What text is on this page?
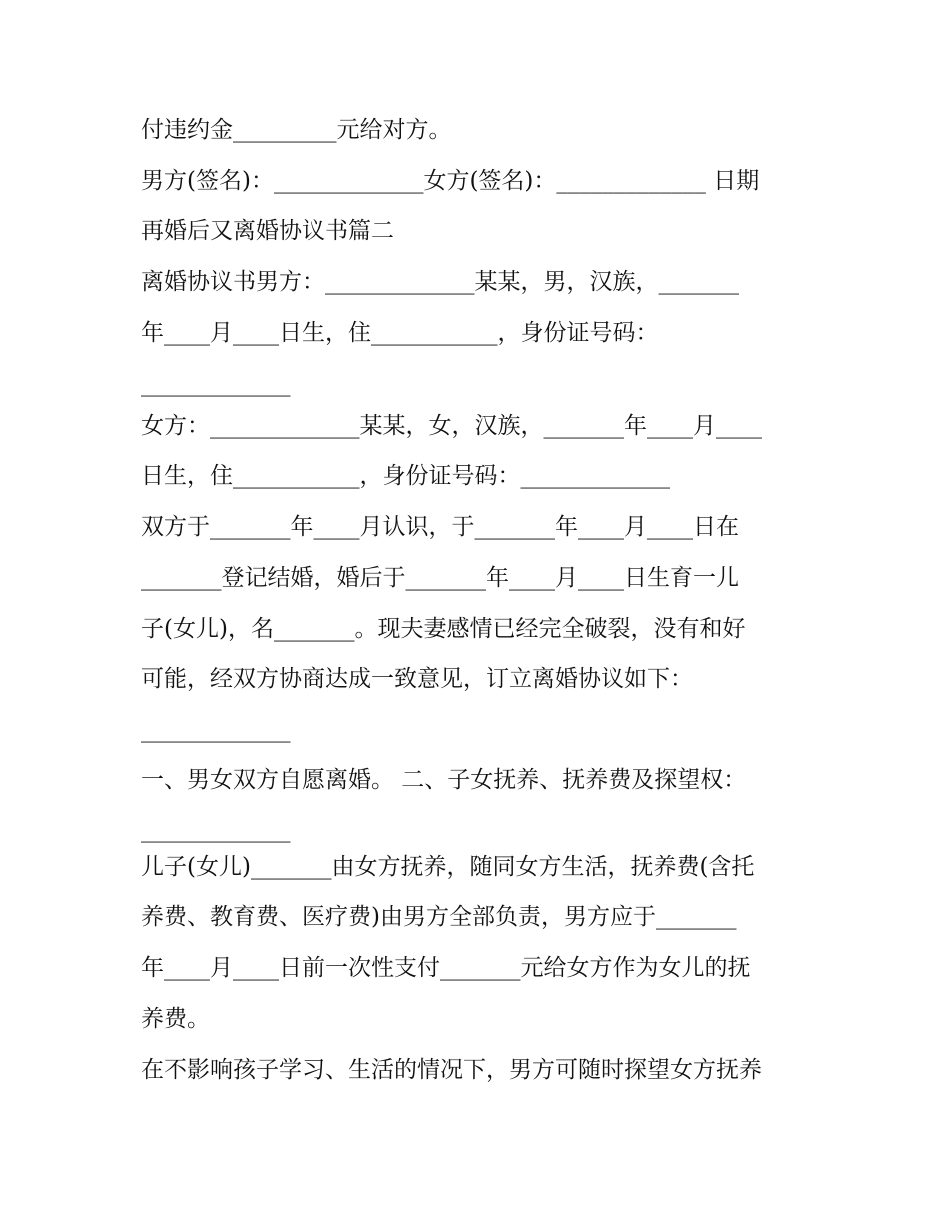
付违约金_________元给对方。
男方(签名)：_____________女方(签名)：_____________ 日期
再婚后又离婚协议书篇二
离婚协议书男方：_____________某某，男，汉族，_______
年____月____日生，住___________，身份证号码：
_____________
女方：_____________某某，女，汉族，_______年____月____
日生，住___________，身份证号码：_____________
双方于_______年____月认识，于_______年____月____日在
_______登记结婚，婚后于_______年____月____日生育一儿
子(女儿)，名_______。现夫妻感情已经完全破裂，没有和好
可能，经双方协商达成一致意见，订立离婚协议如下：
_____________
一、男女双方自愿离婚。 二、子女抚养、抚养费及探望权：
_____________
儿子(女儿)_______由女方抚养，随同女方生活，抚养费(含托
养费、教育费、医疗费)由男方全部负责，男方应于_______
年____月____日前一次性支付_______元给女方作为女儿的抚
养费。
在不影响孩子学习、生活的情况下，男方可随时探望女方抚养
